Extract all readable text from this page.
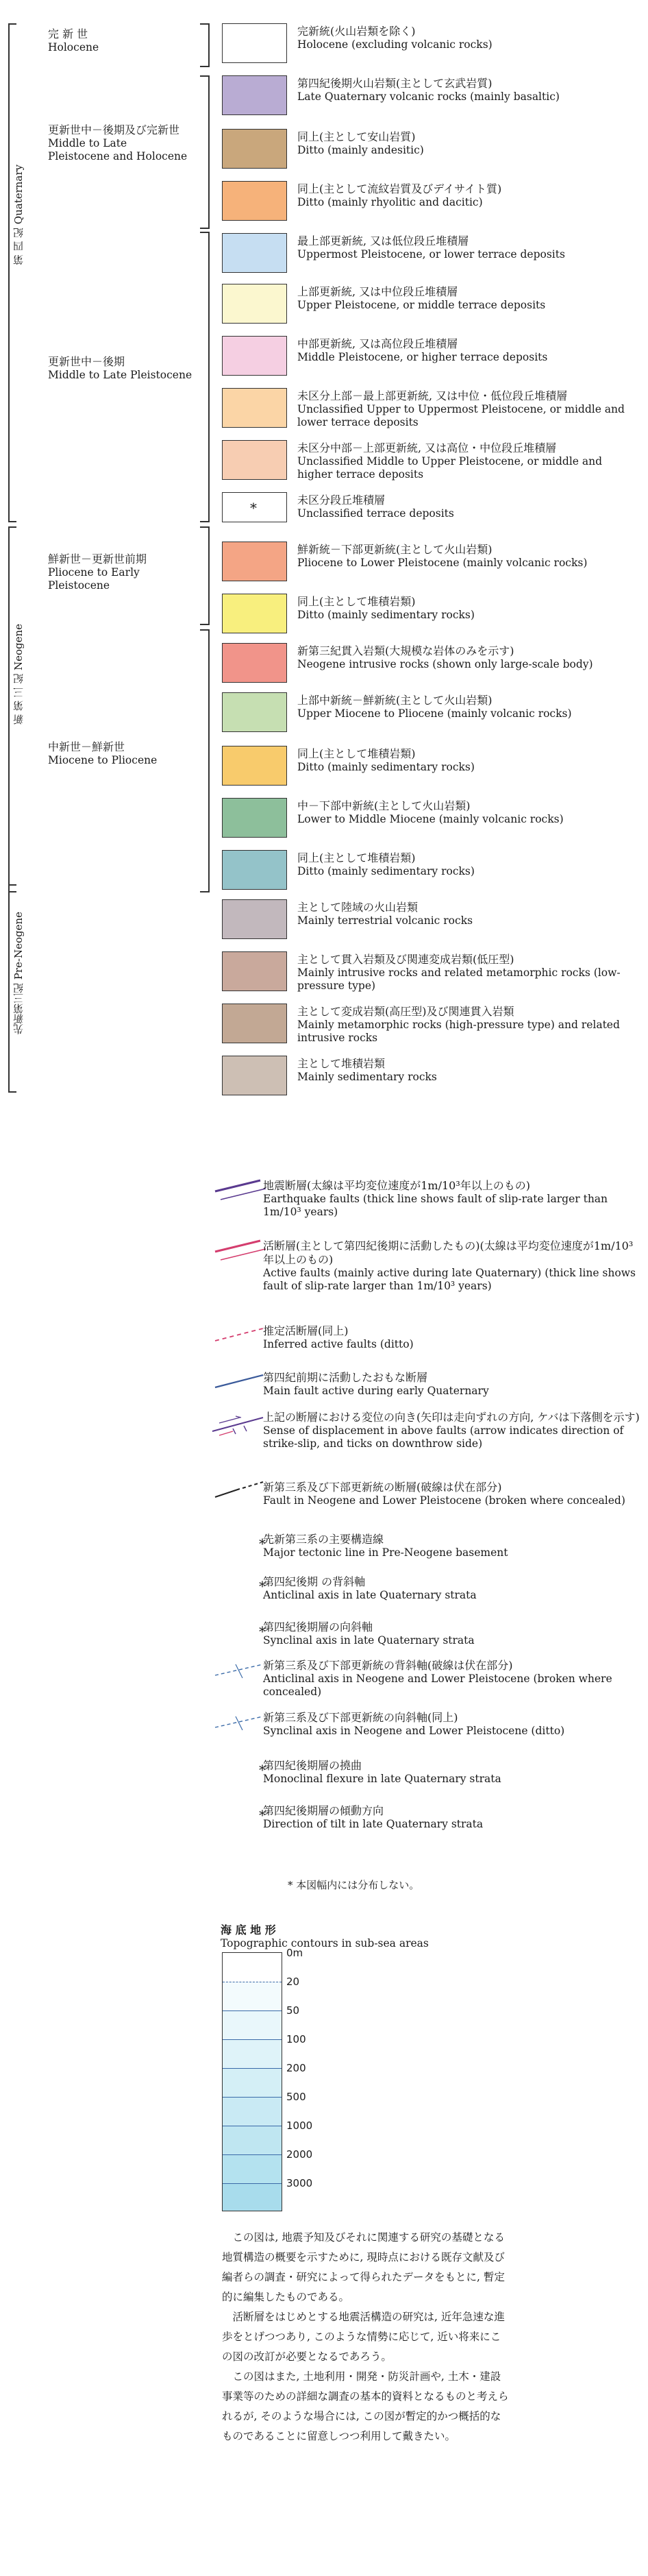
完 新 世
Holocene
更新世中－後期及び完新世
Middle to Late
Pleistocene and Holocene
更新世中－後期
Middle to Late Pleistocene
鮮新世－更新世前期
Pliocene to Early
Pleistocene
中新世－鮮新世
Miocene to Pliocene
第 四 紀 Quaternary
新 第 三 紀 Neogene
先新第三紀 Pre-Neogene
完新統(火山岩類を除く)
Holocene (excluding volcanic rocks)
第四紀後期火山岩類(主として玄武岩質)
Late Quaternary volcanic rocks (mainly basaltic)
同上(主として安山岩質)
Ditto (mainly andesitic)
同上(主として流紋岩質及びデイサイト質)
Ditto (mainly rhyolitic and dacitic)
最上部更新統, 又は低位段丘堆積層
Uppermost Pleistocene, or lower terrace deposits
上部更新統, 又は中位段丘堆積層
Upper Pleistocene, or middle terrace deposits
中部更新統, 又は高位段丘堆積層
Middle Pleistocene, or higher terrace deposits
未区分上部－最上部更新統, 又は中位・低位段丘堆積層
Unclassified Upper to Uppermost Pleistocene, or middle and lower terrace deposits
未区分中部－上部更新統, 又は高位・中位段丘堆積層
Unclassified Middle to Upper Pleistocene, or middle and higher terrace deposits
*	未区分段丘堆積層
Unclassified terrace deposits
鮮新統－下部更新統(主として火山岩類)
Pliocene to Lower Pleistocene (mainly volcanic rocks)
同上(主として堆積岩類)
Ditto (mainly sedimentary rocks)
新第三紀貫入岩類(大規模な岩体のみを示す)
Neogene intrusive rocks (shown only large-scale body)
上部中新統－鮮新統(主として火山岩類)
Upper Miocene to Pliocene (mainly volcanic rocks)
同上(主として堆積岩類)
Ditto (mainly sedimentary rocks)
中－下部中新統(主として火山岩類)
Lower to Middle Miocene (mainly volcanic rocks)
同上(主として堆積岩類)
Ditto (mainly sedimentary rocks)
主として陸域の火山岩類
Mainly terrestrial volcanic rocks
主として貫入岩類及び関連変成岩類(低圧型)
Mainly intrusive rocks and related metamorphic rocks (low-pressure type)
主として変成岩類(高圧型)及び関連貫入岩類
Mainly metamorphic rocks (high-pressure type) and related intrusive rocks
主として堆積岩類
Mainly sedimentary rocks
地震断層(太線は平均変位速度が1m/10³年以上のもの)
Earthquake faults (thick line shows fault of slip-rate larger than 1m/10³ years)
活断層(主として第四紀後期に活動したもの)(太線は平均変位速度が1m/10³年以上のもの)
Active faults (mainly active during late Quaternary) (thick line shows fault of slip-rate larger than 1m/10³ years)
推定活断層(同上)
Inferred active faults (ditto)
第四紀前期に活動したおもな断層
Main fault active during early Quaternary
上記の断層における変位の向き(矢印は走向ずれの方向, ケバは下落側を示す)
Sense of displacement in above faults (arrow indicates direction of strike-slip, and ticks on downthrow side)
新第三系及び下部更新統の断層(破線は伏在部分)
Fault in Neogene and Lower Pleistocene (broken where concealed)
*
先新第三系の主要構造線
Major tectonic line in Pre-Neogene basement
*
第四紀後期 の背斜軸
Anticlinal axis in late Quaternary strata
*
第四紀後期層の向斜軸
Synclinal axis in late Quaternary strata
新第三系及び下部更新統の背斜軸(破線は伏在部分)
Anticlinal axis in Neogene and Lower Pleistocene (broken where concealed)
新第三系及び下部更新統の向斜軸(同上)
Synclinal axis in Neogene and Lower Pleistocene (ditto)
*
第四紀後期層の撓曲
Monoclinal flexure in late Quaternary strata
*
第四紀後期層の傾動方向
Direction of tilt in late Quaternary strata
* 本図幅内には分布しない。
海 底 地 形
Topographic contours in sub-sea areas
0m
20
50
100
200
500
1000
2000
3000

この図は, 地震予知及びそれに関連する研究の基礎となる地質構造の概要を示すために, 現時点における既存文献及び編者らの調査・研究によって得られたデータをもとに, 暫定的に編集したものである。

活断層をはじめとする地震活構造の研究は, 近年急速な進歩をとげつつあり, このような情勢に応じて, 近い将来にこの図の改訂が必要となるであろう。

この図はまた, 土地利用・開発・防災計画や, 土木・建設事業等のための詳細な調査の基本的資料となるものと考えられるが, そのような場合には, この図が暫定的かつ概括的なものであることに留意しつつ利用して戴きたい。
